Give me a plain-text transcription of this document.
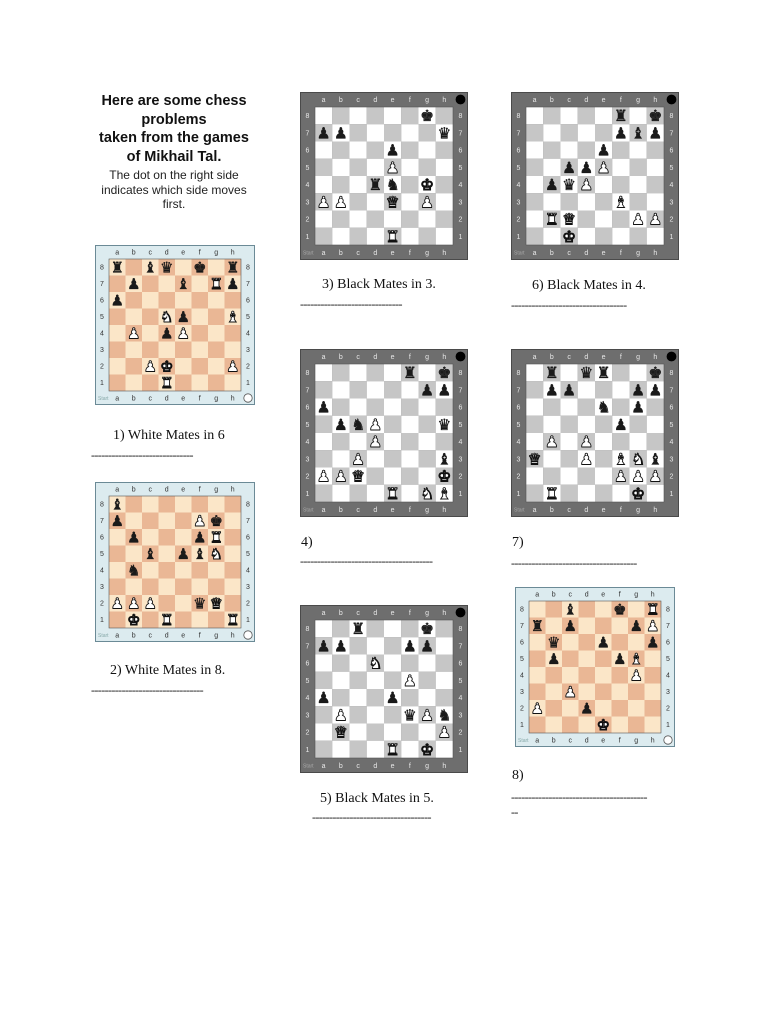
Here are some chess
problems
taken from the games
of Mikhail Tal.

The dot on the right side
indicates which side moves
first.

a
a
b
b
c
c
d
d
e
e
f
f
g
g
h
h
8	8
7	7
6	6
5	5
4	4
3	3
2	2
1	1
Start
♜ ♝ ♛ ♚ ♜
♟ ♝ ♜ ♟
♟
♞ ♟ ♝
♟ ♟ ♟
♟ ♚	♟
♜
1) White Mates in 6
------------------------------
a
a
b
b
c
c
d
d
e
e
f
f
g
g
h
h
8	8
7	7
6	6
5	5
4	4
3	3
2	2
1	1
Start
♝
♟	♟ ♚
♟	♟ ♜
♝ ♟ ♝ ♞
♞
♟ ♟ ♟ ♛ ♛
♚ ♜	♜
2) White Mates in 8.
---------------------------------
a
a
b
b
c
c
d
d
e
e
f
f
g
g
h
h
8	8
7	7
6	6
5	5
4	4
3	3
2	2
1	1
Start
♚
♟ ♟	♛
♟
♟
♜ ♞ ♚
♟ ♟ ♛ ♟
♜
3) Black Mates in 3.
------------------------------
a
a
b
b
c
c
d
d
e
e
f
f
g
g
h
h
8	8
7	7
6	6
5	5
4	4
3	3
2	2
1	1
Start
♜ ♚
♟ ♟
♟
♟ ♞ ♟	♛
♟
♟	♝
♟ ♟ ♛	♚
♜ ♞ ♝
4)
---------------------------------------
a
a
b
b
c
c
d
d
e
e
f
f
g
g
h
h
8	8
7	7
6	6
5	5
4	4
3	3
2	2
1	1
Start
♜	♚
♟ ♟	♟ ♟
♞
♟
♟	♟
♟	♛ ♟ ♞
♛	♟
♜ ♚
5) Black Mates in 5.
-----------------------------------
a
a
b
b
c
c
d
d
e
e
f
f
g
g
h
h
8	8
7	7
6	6
5	5
4	4
3	3
2	2
1	1
Start
♜ ♚
♟ ♝ ♟
♟
♟ ♟ ♟
♟ ♛ ♟
♝
♜ ♛	♟ ♟
♚
6) Black Mates in 4.
----------------------------------
a
a
b
b
c
c
d
d
e
e
f
f
g
g
h
h
8	8
7	7
6	6
5	5
4	4
3	3
2	2
1	1
Start
♜ ♛ ♜ ♚
♟ ♟	♟ ♟
♞ ♟
♟
♟ ♟
♛ ♟ ♝ ♞ ♝
♟ ♟ ♟
♜	♚
7)
-------------------------------------
a
a
b
b
c
c
d
d
e
e
f
f
g
g
h
h
8	8
7	7
6	6
5	5
4	4
3	3
2	2
1	1
Start
♝ ♚ ♜
♜ ♟	♟ ♟
♛ ♟ ♟
♟	♟ ♝
♟
♟
♟ ♟
♚
8)
----------------------------------------
--
